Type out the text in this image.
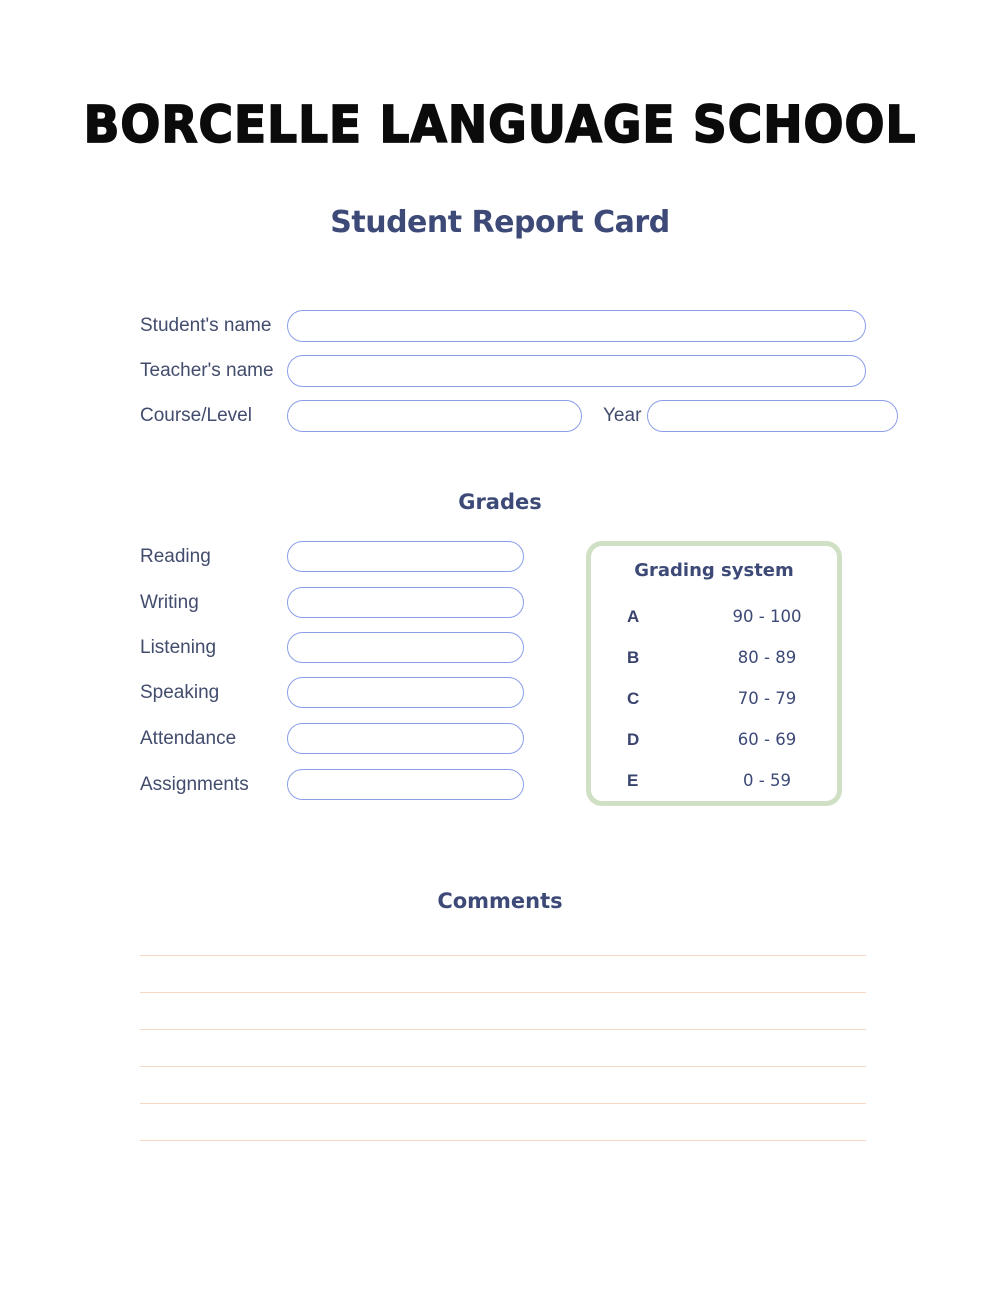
BORCELLE LANGUAGE SCHOOL
Student Report Card
Student's name
Teacher's name
Course/Level	Year
Grades
Reading
Writing
Listening
Speaking
Attendance
Assignments
Grading system
A	90 - 100
B	80 - 89
C	70 - 79
D	60 - 69
E	0 - 59
Comments
